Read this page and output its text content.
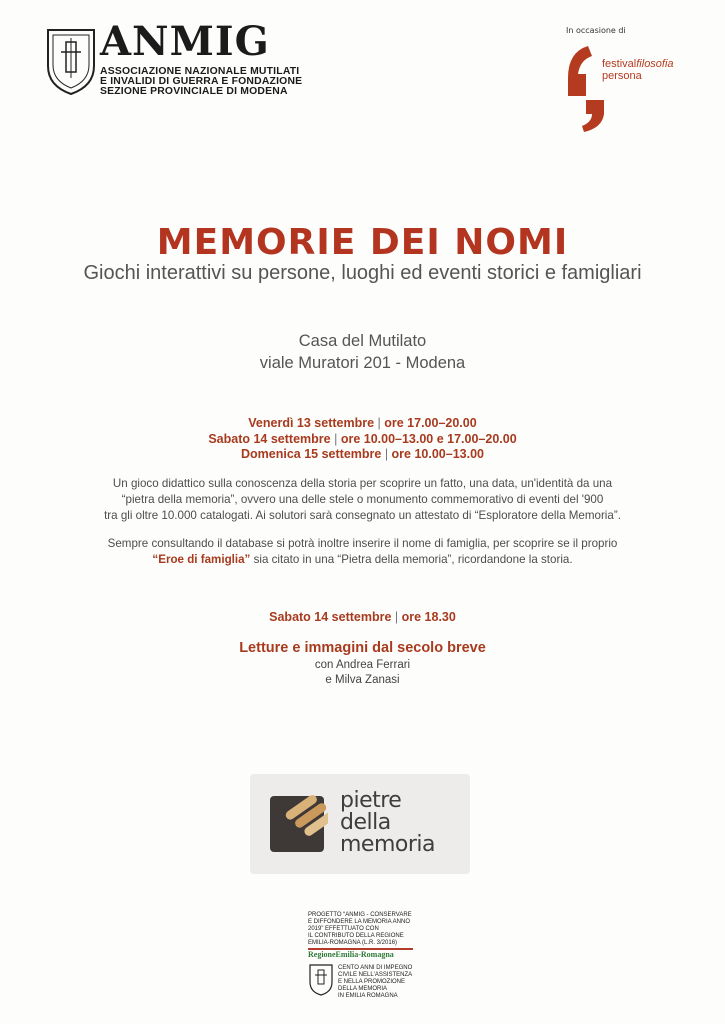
ANMIG
ASSOCIAZIONE NAZIONALE MUTILATI
E INVALIDI DI GUERRA E FONDAZIONE
SEZIONE PROVINCIALE DI MODENA
In occasione di
festivalfilosofia
persona
MEMORIE DEI NOMI
Giochi interattivi su persone, luoghi ed eventi storici e famigliari
Casa del Mutilato
viale Muratori 201 - Modena
Venerdì 13 settembre | ore 17.00–20.00
Sabato 14 settembre | ore 10.00–13.00 e 17.00–20.00
Domenica 15 settembre | ore 10.00–13.00
Un gioco didattico sulla conoscenza della storia per scoprire un fatto, una data, un'identità da una
“pietra della memoria”, ovvero una delle stele o monumento commemorativo di eventi del '900
tra gli oltre 10.000 catalogati. Ai solutori sarà consegnato un attestato di “Esploratore della Memoria”.
Sempre consultando il database si potrà inoltre inserire il nome di famiglia, per scoprire se il proprio
“Eroe di famiglia” sia citato in una “Pietra della memoria”, ricordandone la storia.
Sabato 14 settembre | ore 18.30
Letture e immagini dal secolo breve
con Andrea Ferrari
e Milva Zanasi
pietre
della
memoria
PROGETTO “ANMIG - CONSERVARE
E DIFFONDERE LA MEMORIA ANNO
2019” EFFETTUATO CON
IL CONTRIBUTO DELLA REGIONE
EMILIA-ROMAGNA (L.R. 3/2016)
RegioneEmilia-Romagna
CENTO ANNI DI IMPEGNO
CIVILE NELL'ASSISTENZA
E NELLA PROMOZIONE
DELLA MEMORIA
IN EMILIA ROMAGNA
